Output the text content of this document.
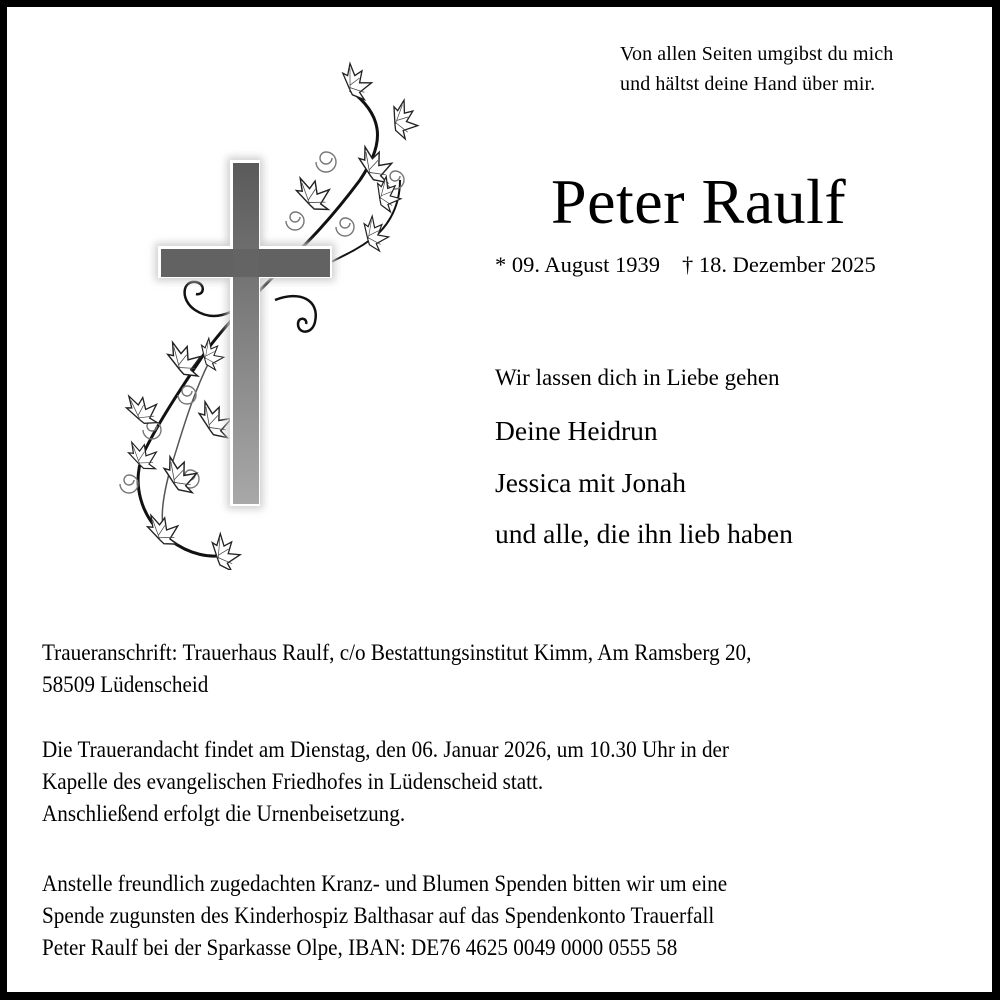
Von allen Seiten umgibst du mich
und hältst deine Hand über mir.
Peter Raulf
* 09. August 1939 † 18. Dezember 2025
Wir lassen dich in Liebe gehen
Deine Heidrun
Jessica mit Jonah
und alle, die ihn lieb haben
Traueranschrift: Trauerhaus Raulf, c/o Bestattungsinstitut Kimm, Am Ramsberg 20,
58509 Lüdenscheid
Die Trauerandacht findet am Dienstag, den 06. Januar 2026, um 10.30 Uhr in der
Kapelle des evangelischen Friedhofes in Lüdenscheid statt.
Anschließend erfolgt die Urnenbeisetzung.
Anstelle freundlich zugedachten Kranz- und Blumen Spenden bitten wir um eine
Spende zugunsten des Kinderhospiz Balthasar auf das Spendenkonto Trauerfall
Peter Raulf bei der Sparkasse Olpe, IBAN: DE76 4625 0049 0000 0555 58
